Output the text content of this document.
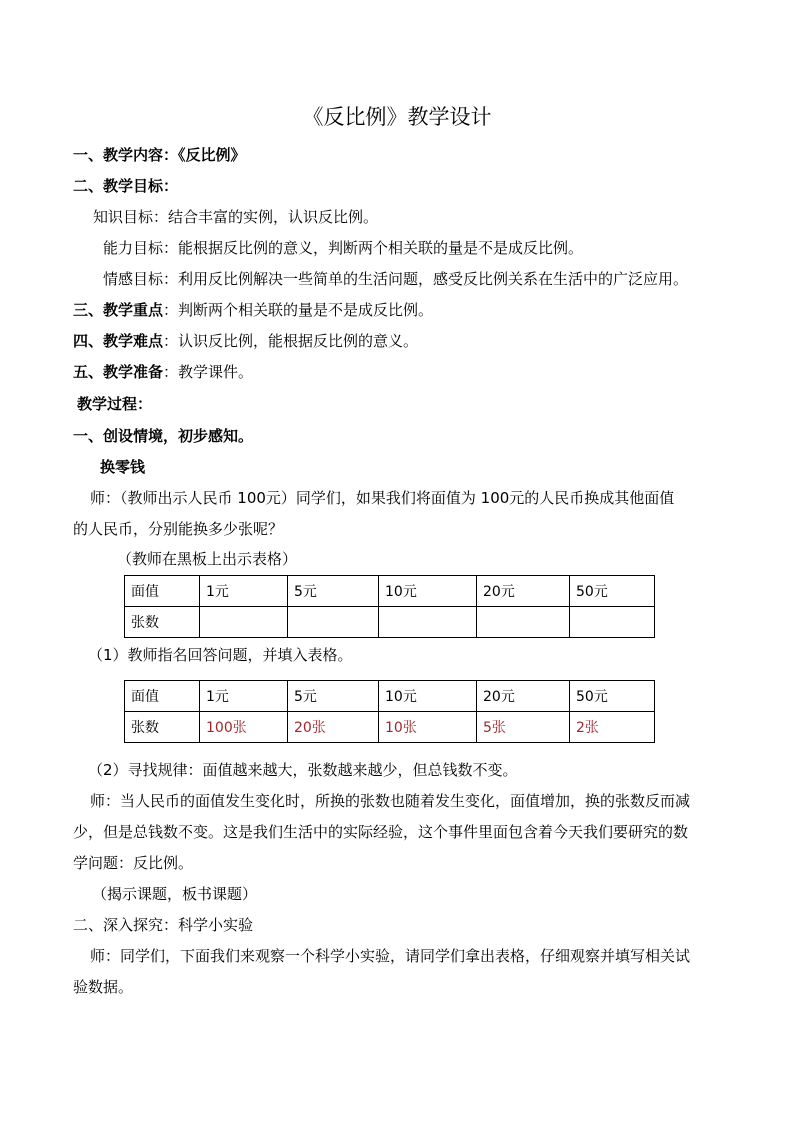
《反比例》教学设计
一、教学内容：《反比例》
二、教学目标：
知识目标：结合丰富的实例，认识反比例。
能力目标：能根据反比例的意义，判断两个相关联的量是不是成反比例。
情感目标：利用反比例解决一些简单的生活问题，感受反比例关系在生活中的广泛应用。
三、教学重点：判断两个相关联的量是不是成反比例。
四、教学难点：认识反比例，能根据反比例的意义。
五、教学准备：教学课件。
教学过程：
一、创设情境，初步感知。
换零钱
师：（教师出示人民币 100元）同学们，如果我们将面值为 100元的人民币换成其他面值
的人民币，分别能换多少张呢？
（教师在黑板上出示表格）
面值	1元	5元	10元	20元	50元
张数					
（1）教师指名回答问题，并填入表格。
面值	1元	5元	10元	20元	50元
张数	100张	20张	10张	5张	2张
（2）寻找规律：面值越来越大，张数越来越少，但总钱数不变。
师：当人民币的面值发生变化时，所换的张数也随着发生变化，面值增加，换的张数反而减
少，但是总钱数不变。这是我们生活中的实际经验，这个事件里面包含着今天我们要研究的数
学问题：反比例。
（揭示课题，板书课题）
二、深入探究：科学小实验
师：同学们，下面我们来观察一个科学小实验，请同学们拿出表格，仔细观察并填写相关试
验数据。
